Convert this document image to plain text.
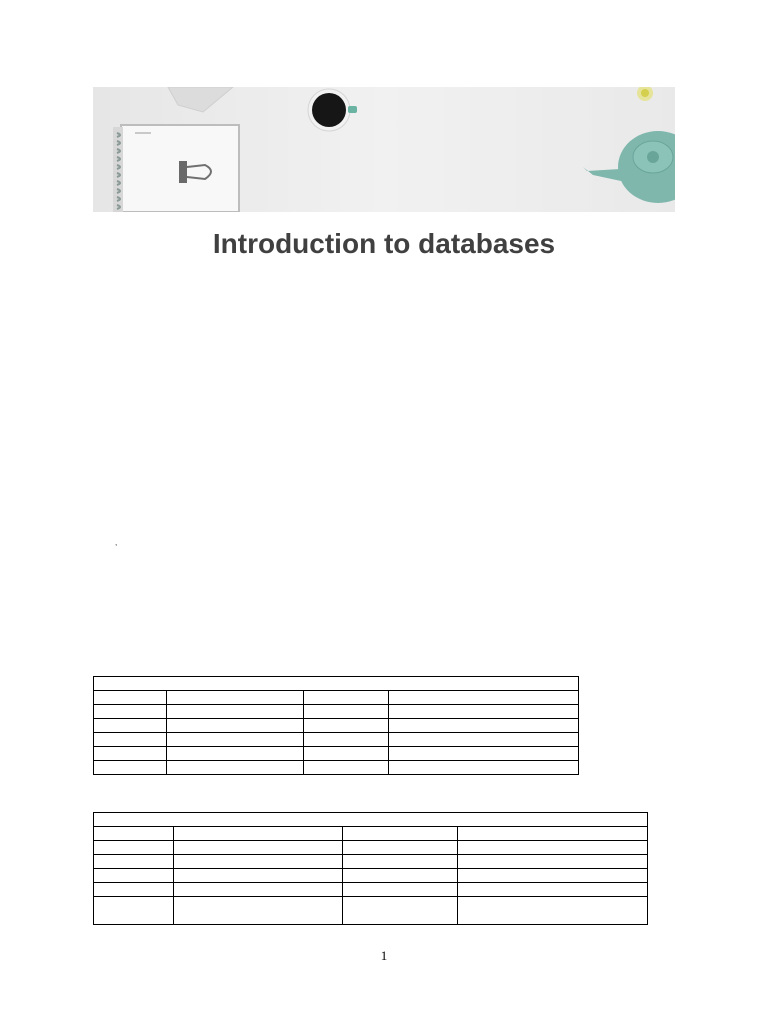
Introduction to databases
,

1
